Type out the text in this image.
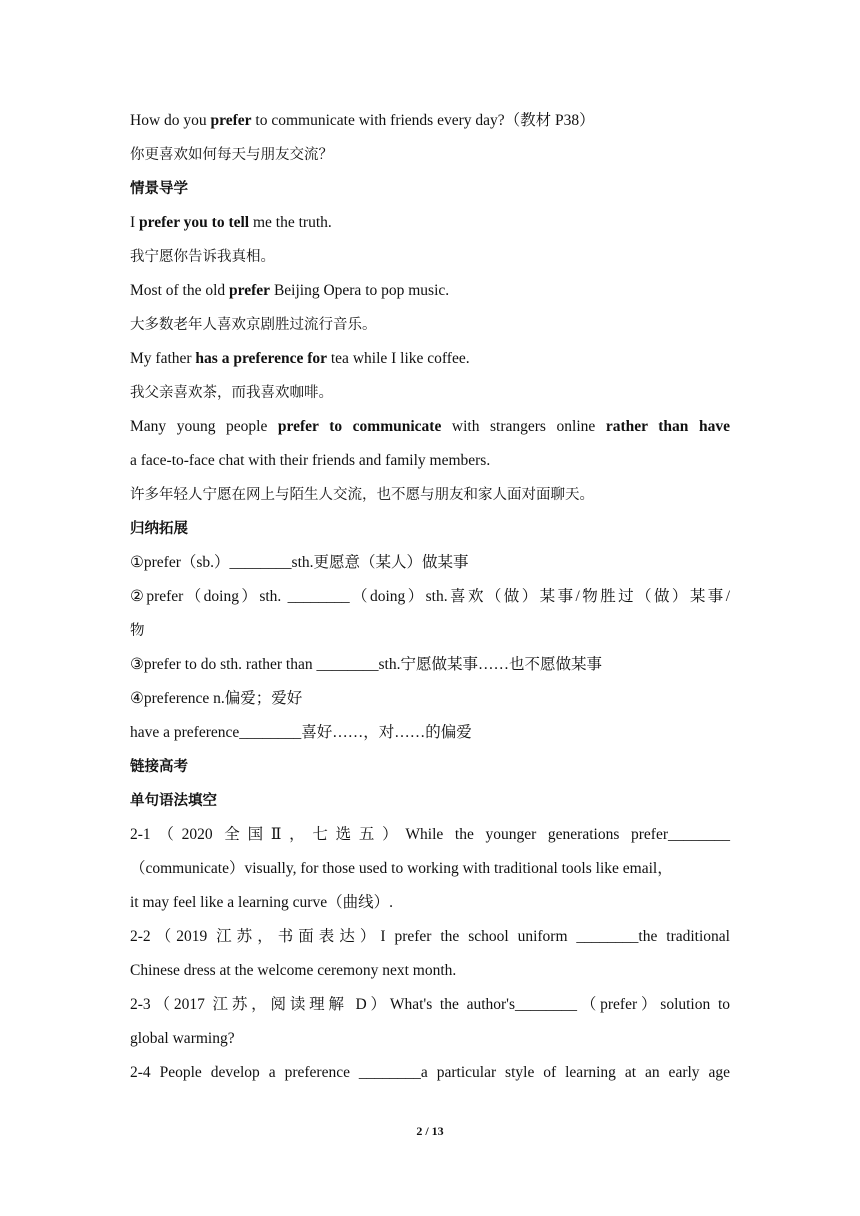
How do you prefer to communicate with friends every day?（教材 P38）
你更喜欢如何每天与朋友交流？
情景导学
I prefer you to tell me the truth.
我宁愿你告诉我真相。
Most of the old prefer Beijing Opera to pop music.
大多数老年人喜欢京剧胜过流行音乐。
My father has a preference for tea while I like coffee.
我父亲喜欢茶，而我喜欢咖啡。
Many young people prefer to communicate with strangers online rather than have
a face-to-face chat with their friends and family members.
许多年轻人宁愿在网上与陌生人交流，也不愿与朋友和家人面对面聊天。
归纳拓展
①prefer（sb.）________sth.更愿意（某人）做某事
②prefer（doing）sth. ________（doing）sth.喜欢（做）某事/物胜过（做）某事/
物
③prefer to do sth. rather than ________sth.宁愿做某事……也不愿做某事
④preference n.偏爱；爱好
have a preference________喜好……，对……的偏爱
链接高考
单句语法填空
2-1（2020 全国Ⅱ，七选五）While the younger generations prefer________
（communicate）visually, for those used to working with traditional tools like email，
it may feel like a learning curve（曲线）.
2-2（2019 江苏，书面表达）I prefer the school uniform ________the traditional
Chinese dress at the welcome ceremony next month.
2-3（2017 江苏，阅读理解 D）What's the author's________（prefer）solution to
global warming?
2-4 People develop a preference ________a particular style of learning at an early age
2 / 13
